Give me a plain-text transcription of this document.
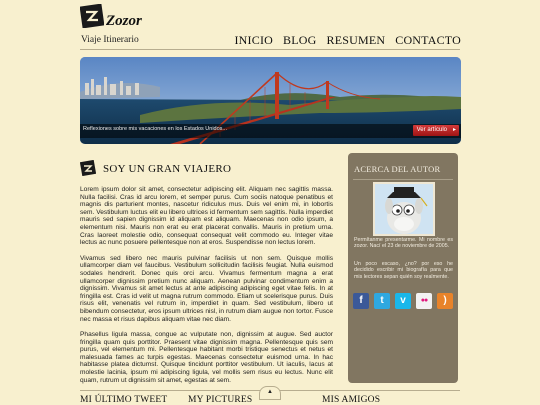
Zozor
Viaje Itinerario	INICIO BLOG RESUMEN CONTACTO
Reflexiones sobre mis vacaciones en los Estados Unidos...	Ver artículo ▸
SOY UN GRAN VIAJERO

Lorem ipsum dolor sit amet, consectetur adipiscing elit. Aliquam nec sagittis massa. Nulla facilisi. Cras id arcu lorem, et semper purus. Cum sociis natoque penatibus et magnis dis parturient montes, nascetur ridiculus mus. Duis vel enim mi, in lobortis sem. Vestibulum luctus elit eu libero ultrices id fermentum sem sagittis. Nulla imperdiet mauris sed sapien dignissim id aliquam est aliquam. Maecenas non odio ipsum, a elementum nisi. Mauris non erat eu erat placerat convallis. Mauris in pretium urna. Cras laoreet molestie odio, consequat consequat velit commodo eu. Integer vitae lectus ac nunc posuere pellentesque non at eros. Suspendisse non lectus lorem.

Vivamus sed libero nec mauris pulvinar facilisis ut non sem. Quisque mollis ullamcorper diam vel faucibus. Vestibulum sollicitudin facilisis feugiat. Nulla euismod sodales hendrerit. Donec quis orci arcu. Vivamus fermentum magna a erat ullamcorper dignissim pretium nunc aliquam. Aenean pulvinar condimentum enim a dignissim. Vivamus sit amet lectus at ante adipiscing adipiscing eget vitae felis. In at fringilla est. Cras id velit ut magna rutrum commodo. Etiam ut scelerisque purus. Duis risus elit, venenatis vel rutrum in, imperdiet in quam. Sed vestibulum, libero ut bibendum consectetur, eros ipsum ultrices nisl, in rutrum diam augue non tortor. Fusce nec massa et risus dapibus aliquam vitae nec diam.

Phasellus ligula massa, congue ac vulputate non, dignissim at augue. Sed auctor fringilla quam quis porttitor. Praesent vitae dignissim magna. Pellentesque quis sem purus, vel elementum mi. Pellentesque habitant morbi tristique senectus et netus et malesuada fames ac turpis egestas. Maecenas consectetur euismod urna. In hac habitasse platea dictumst. Quisque tincidunt porttitor vestibulum. Ut iaculis, lacus at molestie lacinia, ipsum mi adipiscing ligula, vel mollis sem risus eu lectus. Nunc elit quam, rutrum ut dignissim sit amet, egestas at sem.

ACERCA DEL AUTOR
Permítanme presentarme. Mi nombre es zozor. Nací el 23 de noviembre de 2005.
Un poco escaso, ¿no? por eso he decidido escribir mi biografía para que mis lectores sepan quién soy realmente.
f	t	v	●●	)
▲
MI ÚLTIMO TWEET MY PICTURES	MIS AMIGOS
